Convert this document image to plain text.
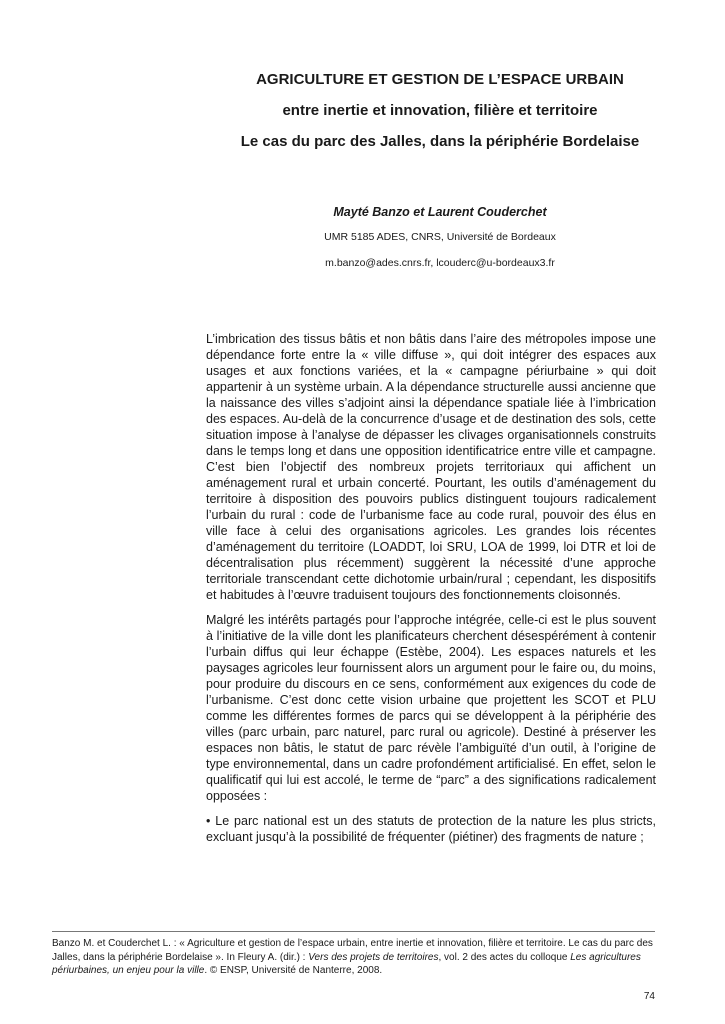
AGRICULTURE ET GESTION DE L’ESPACE URBAIN
entre inertie et innovation, filière et territoire
Le cas du parc des Jalles, dans la périphérie Bordelaise
Mayté Banzo et Laurent Couderchet
UMR 5185 ADES, CNRS, Université de Bordeaux
m.banzo@ades.cnrs.fr, lcouderc@u-bordeaux3.fr

L’imbrication des tissus bâtis et non bâtis dans l’aire des métropoles impose une dépendance forte entre la « ville diffuse », qui doit intégrer des espaces aux usages et aux fonctions variées, et la « campagne périurbaine » qui doit appartenir à un système urbain. A la dépendance structurelle aussi ancienne que la naissance des villes s’adjoint ainsi la dépendance spatiale liée à l’imbrication des espaces. Au-delà de la concurrence d’usage et de destination des sols, cette situation impose à l’analyse de dépasser les clivages organisationnels construits dans le temps long et dans une opposition identificatrice entre ville et campagne. C’est bien l’objectif des nombreux projets territoriaux qui affichent un aménagement rural et urbain concerté. Pourtant, les outils d’aménagement du territoire à disposition des pouvoirs publics distinguent toujours radicalement l’urbain du rural : code de l’urbanisme face au code rural, pouvoir des élus en ville face à celui des organisations agricoles. Les grandes lois récentes d’aménagement du territoire (LOADDT, loi SRU, LOA de 1999, loi DTR et loi de décentralisation plus récemment) suggèrent la nécessité d’une approche territoriale transcendant cette dichotomie urbain/rural ; cependant, les dispositifs et habitudes à l’œuvre traduisent toujours des fonctionnements cloisonnés.

Malgré les intérêts partagés pour l’approche intégrée, celle-ci est le plus souvent à l’initiative de la ville dont les planificateurs cherchent désespérément à contenir l’urbain diffus qui leur échappe (Estèbe, 2004). Les espaces naturels et les paysages agricoles leur fournissent alors un argument pour le faire ou, du moins, pour produire du discours en ce sens, conformément aux exigences du code de l’urbanisme. C’est donc cette vision urbaine que projettent les SCOT et PLU comme les différentes formes de parcs qui se développent à la périphérie des villes (parc urbain, parc naturel, parc rural ou agricole). Destiné à préserver les espaces non bâtis, le statut de parc révèle l’ambiguïté d’un outil, à l’origine de type environnemental, dans un cadre profondément artificialisé. En effet, selon le qualificatif qui lui est accolé, le terme de “parc” a des significations radicalement opposées :

• Le parc national est un des statuts de protection de la nature les plus stricts, excluant jusqu’à la possibilité de fréquenter (piétiner) des fragments de nature ;

Banzo M. et Couderchet L. : « Agriculture et gestion de l’espace urbain, entre inertie et innovation, filière et territoire. Le cas du parc des Jalles, dans la périphérie Bordelaise ». In Fleury A. (dir.) : Vers des projets de territoires, vol. 2 des actes du colloque Les agricultures périurbaines, un enjeu pour la ville. © ENSP, Université de Nanterre, 2008.
74
